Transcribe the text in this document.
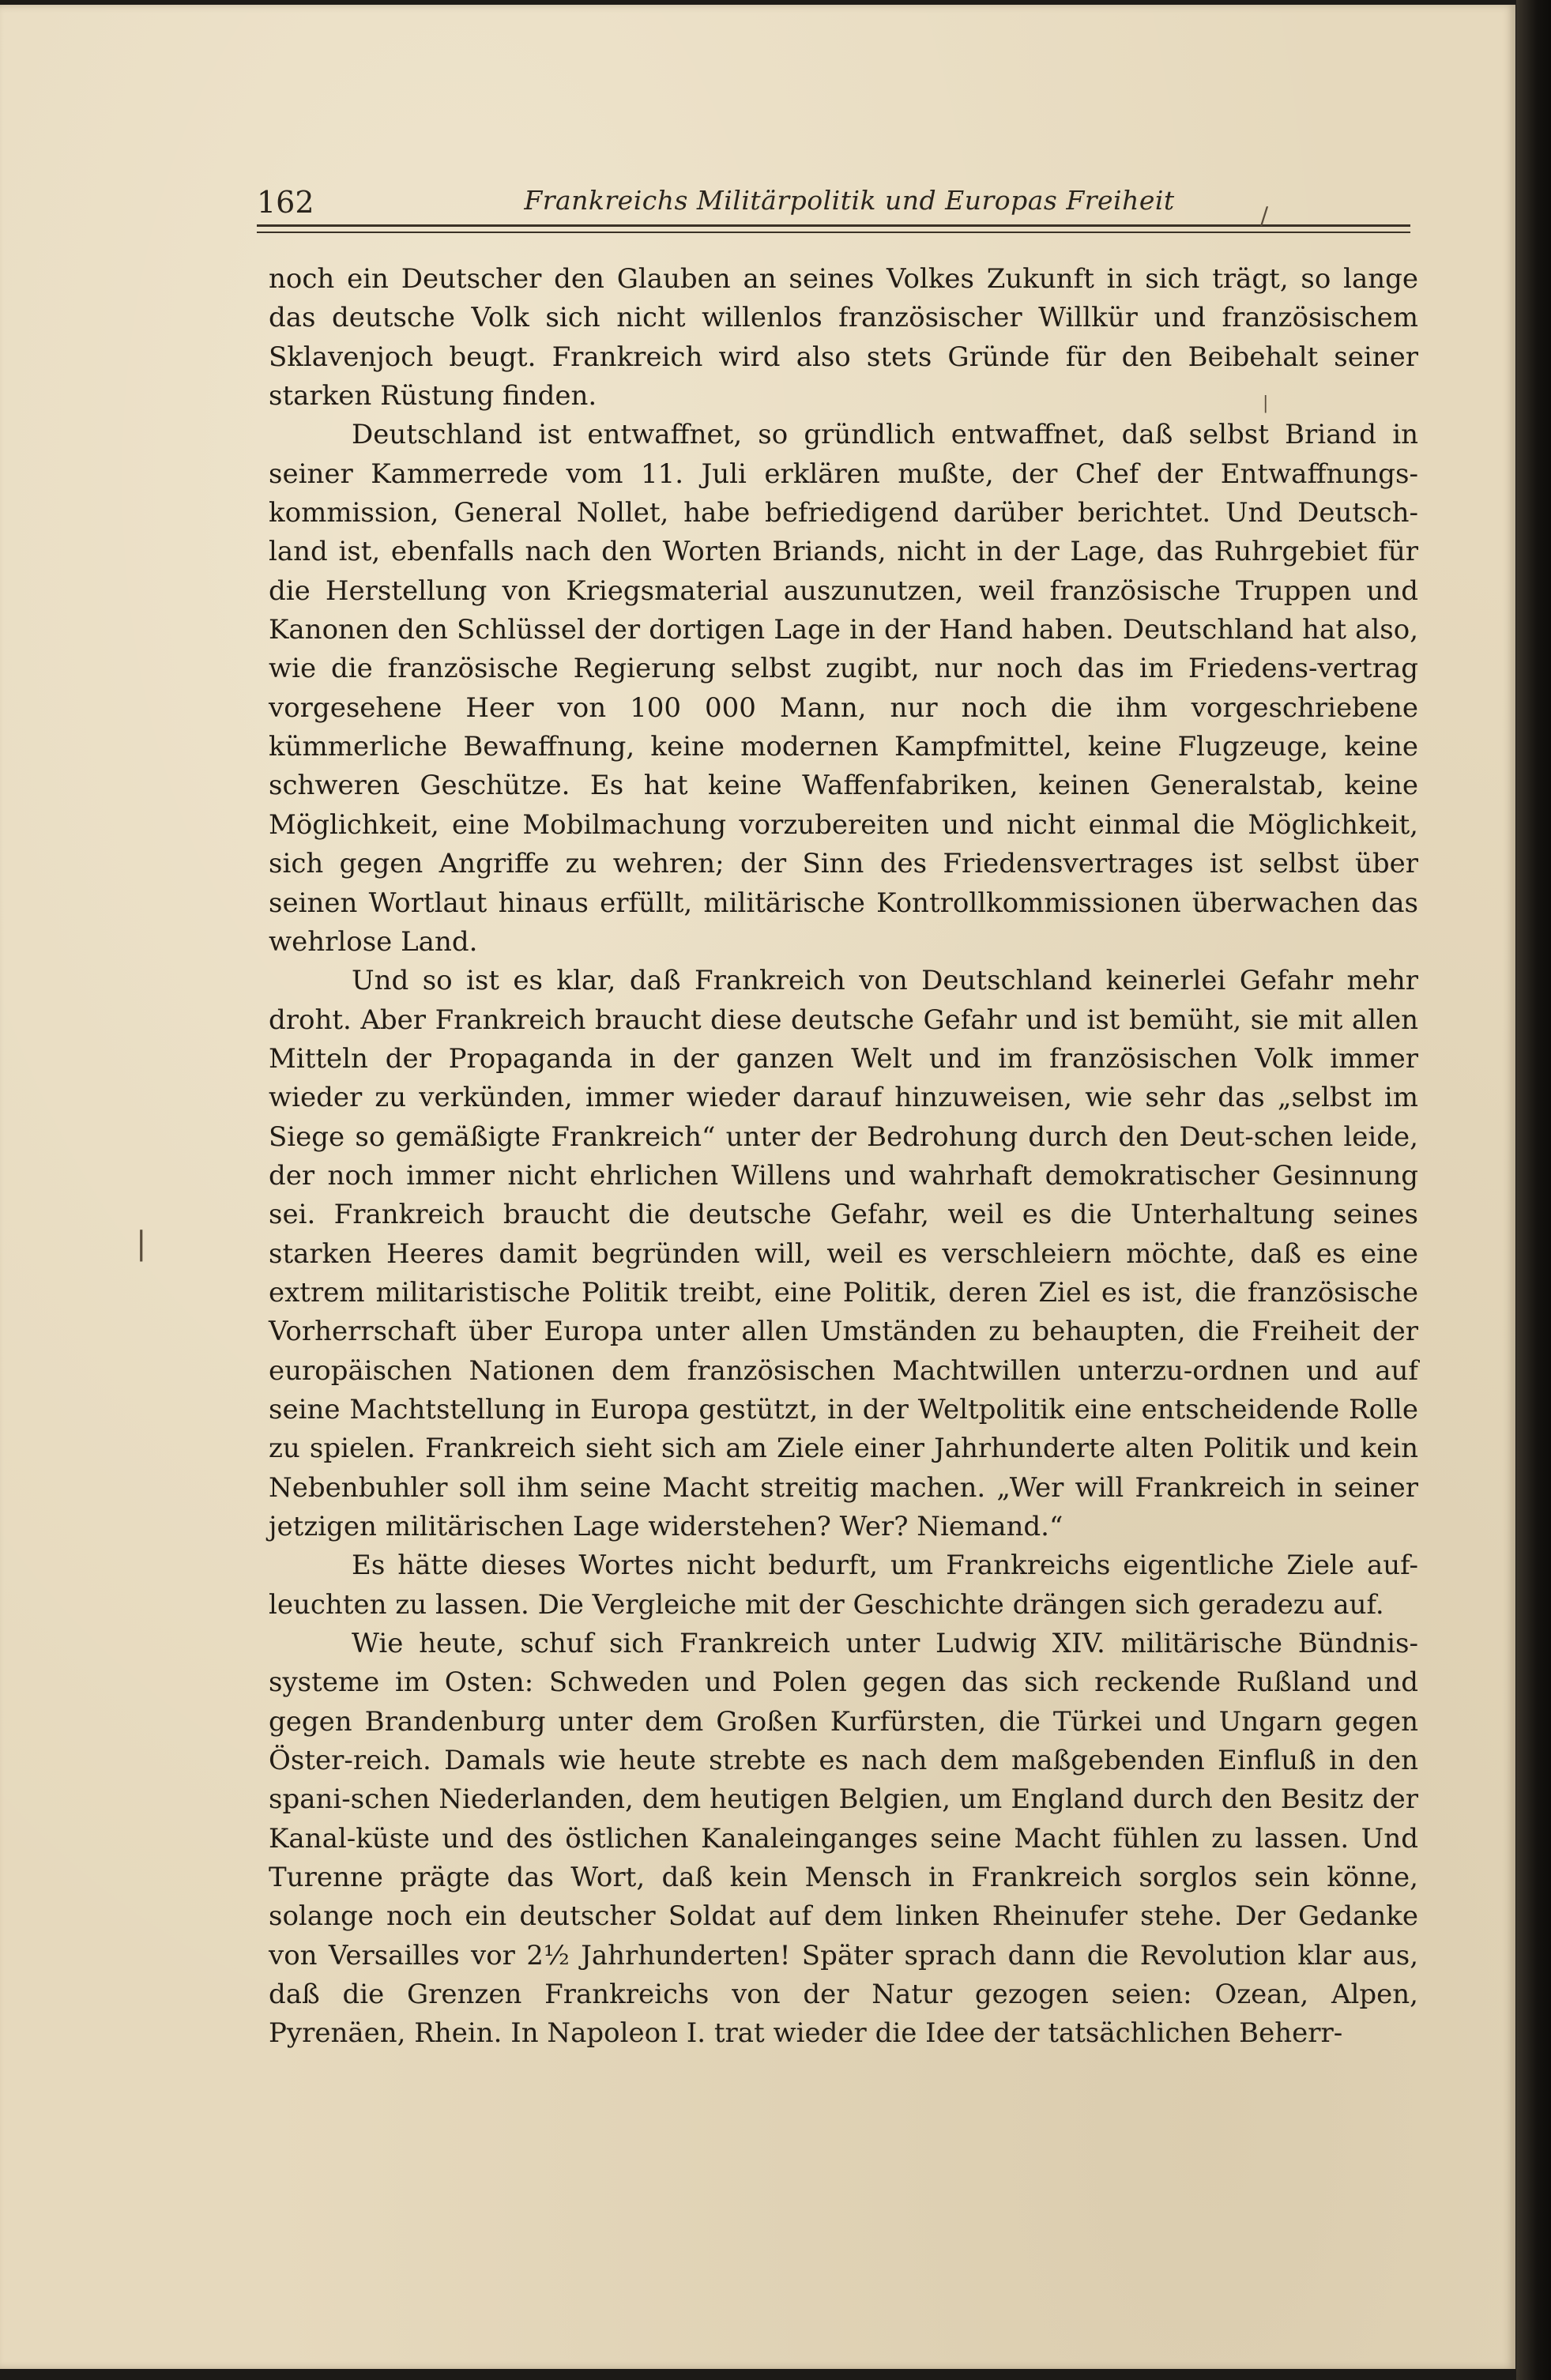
162	Frankreichs Militärpolitik und Europas Freiheit
/
|
|

noch ein Deutscher den Glauben an seines Volkes Zukunft in sich trägt, so lange das deutsche Volk sich nicht willenlos französischer Willkür und französischem Sklavenjoch beugt. Frankreich wird also stets Gründe für den Beibehalt seiner starken Rüstung finden.

Deutschland ist entwaffnet, so gründlich entwaffnet, daß selbst Briand in seiner Kammerrede vom 11. Juli erklären mußte, der Chef der Entwaffnungs-kommission, General Nollet, habe befriedigend darüber berichtet. Und Deutsch-land ist, ebenfalls nach den Worten Briands, nicht in der Lage, das Ruhrgebiet für die Herstellung von Kriegsmaterial auszunutzen, weil französische Truppen und Kanonen den Schlüssel der dortigen Lage in der Hand haben. Deutschland hat also, wie die französische Regierung selbst zugibt, nur noch das im Friedens-vertrag vorgesehene Heer von 100 000 Mann, nur noch die ihm vorgeschriebene kümmerliche Bewaffnung, keine modernen Kampfmittel, keine Flugzeuge, keine schweren Geschütze. Es hat keine Waffenfabriken, keinen Generalstab, keine Möglichkeit, eine Mobilmachung vorzubereiten und nicht einmal die Möglichkeit, sich gegen Angriffe zu wehren; der Sinn des Friedensvertrages ist selbst über seinen Wortlaut hinaus erfüllt, militärische Kontrollkommissionen überwachen das wehrlose Land.

Und so ist es klar, daß Frankreich von Deutschland keinerlei Gefahr mehr droht. Aber Frankreich braucht diese deutsche Gefahr und ist bemüht, sie mit allen Mitteln der Propaganda in der ganzen Welt und im französischen Volk immer wieder zu verkünden, immer wieder darauf hinzuweisen, wie sehr das „selbst im Siege so gemäßigte Frankreich“ unter der Bedrohung durch den Deut-schen leide, der noch immer nicht ehrlichen Willens und wahrhaft demokratischer Gesinnung sei. Frankreich braucht die deutsche Gefahr, weil es die Unterhaltung seines starken Heeres damit begründen will, weil es verschleiern möchte, daß es eine extrem militaristische Politik treibt, eine Politik, deren Ziel es ist, die französische Vorherrschaft über Europa unter allen Umständen zu behaupten, die Freiheit der europäischen Nationen dem französischen Machtwillen unterzu-ordnen und auf seine Machtstellung in Europa gestützt, in der Weltpolitik eine entscheidende Rolle zu spielen. Frankreich sieht sich am Ziele einer Jahrhunderte alten Politik und kein Nebenbuhler soll ihm seine Macht streitig machen. „Wer will Frankreich in seiner jetzigen militärischen Lage widerstehen? Wer? Niemand.“

Es hätte dieses Wortes nicht bedurft, um Frankreichs eigentliche Ziele auf-leuchten zu lassen. Die Vergleiche mit der Geschichte drängen sich geradezu auf.

Wie heute, schuf sich Frankreich unter Ludwig XIV. militärische Bündnis-systeme im Osten: Schweden und Polen gegen das sich reckende Rußland und gegen Brandenburg unter dem Großen Kurfürsten, die Türkei und Ungarn gegen Öster-reich. Damals wie heute strebte es nach dem maßgebenden Einfluß in den spani-schen Niederlanden, dem heutigen Belgien, um England durch den Besitz der Kanal-küste und des östlichen Kanaleinganges seine Macht fühlen zu lassen. Und Turenne prägte das Wort, daß kein Mensch in Frankreich sorglos sein könne, solange noch ein deutscher Soldat auf dem linken Rheinufer stehe. Der Gedanke von Versailles vor 2½ Jahrhunderten! Später sprach dann die Revolution klar aus, daß die Grenzen Frankreichs von der Natur gezogen seien: Ozean, Alpen, Pyrenäen, Rhein. In Napoleon I. trat wieder die Idee der tatsächlichen Beherr-
